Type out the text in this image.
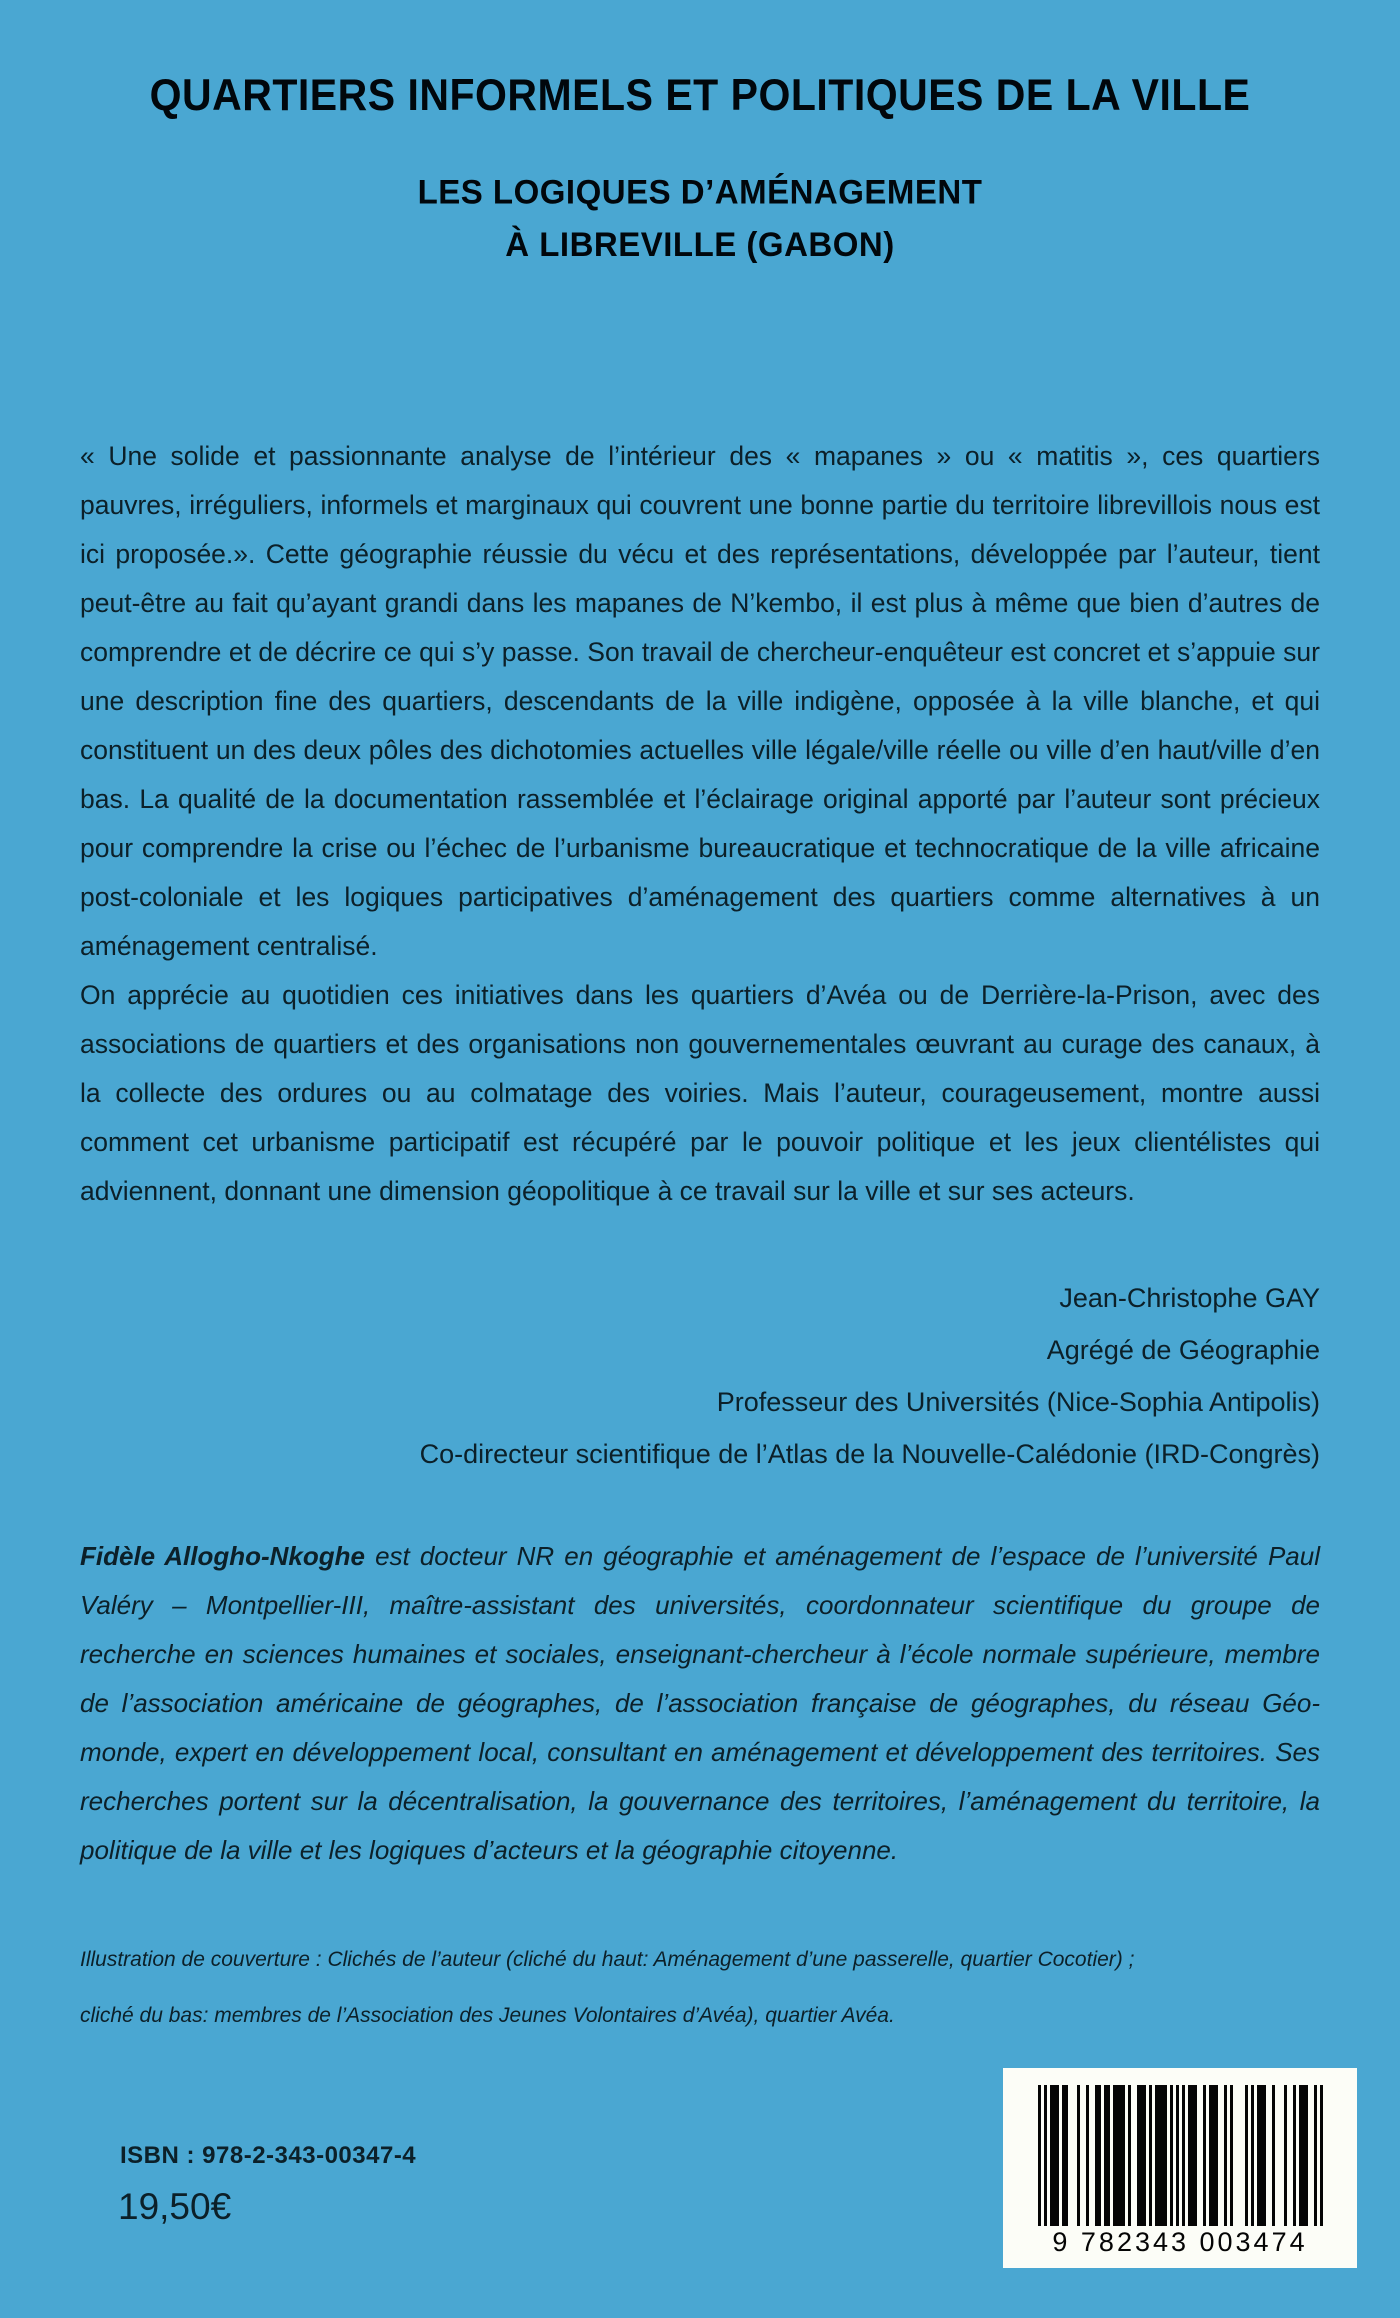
QUARTIERS INFORMELS ET POLITIQUES DE LA VILLE
LES LOGIQUES D’AMÉNAGEMENT
À LIBREVILLE (GABON)

« Une solide et passionnante analyse de l’intérieur des « mapanes » ou « matitis », ces quartiers pauvres, irréguliers, informels et marginaux qui couvrent une bonne partie du territoire librevillois nous est ici proposée.». Cette géographie réussie du vécu et des représentations, développée par l’auteur, tient peut-être au fait qu’ayant grandi dans les mapanes de N’kembo, il est plus à même que bien d’autres de comprendre et de décrire ce qui s’y passe. Son travail de chercheur-enquêteur est concret et s’appuie sur une description fine des quartiers, descendants de la ville indigène, opposée à la ville blanche, et qui constituent un des deux pôles des dichotomies actuelles ville légale/ville réelle ou ville d’en haut/ville d’en bas. La qualité de la documentation rassemblée et l’éclairage original apporté par l’auteur sont précieux pour comprendre la crise ou l’échec de l’urbanisme bureaucratique et technocratique de la ville africaine post-coloniale et les logiques participatives d’aménagement des quartiers comme alternatives à un aménagement centralisé.

On apprécie au quotidien ces initiatives dans les quartiers d’Avéa ou de Derrière-la-Prison, avec des associations de quartiers et des organisations non gouvernementales œuvrant au curage des canaux, à la collecte des ordures ou au colmatage des voiries. Mais l’auteur, courageusement, montre aussi comment cet urbanisme participatif est récupéré par le pouvoir politique et les jeux clientélistes qui adviennent, donnant une dimension géopolitique à ce travail sur la ville et sur ses acteurs.

Jean-Christophe GAY
Agrégé de Géographie
Professeur des Universités (Nice-Sophia Antipolis)
Co-directeur scientifique de l’Atlas de la Nouvelle-Calédonie (IRD-Congrès)
Fidèle Allogho-Nkoghe est docteur NR en géographie et aménagement de l’espace de l’université Paul Valéry – Montpellier-III, maître-assistant des universités, coordonnateur scientifique du groupe de recherche en sciences humaines et sociales, enseignant-chercheur à l’école normale supérieure, membre de l’association américaine de géographes, de l’association française de géographes, du réseau Géo-monde, expert en développement local, consultant en aménagement et développement des territoires. Ses recherches portent sur la décentralisation, la gouvernance des territoires, l’aménagement du territoire, la politique de la ville et les logiques d’acteurs et la géographie citoyenne.
Illustration de couverture : Clichés de l’auteur (cliché du haut: Aménagement d’une passerelle, quartier Cocotier) ;
cliché du bas: membres de l’Association des Jeunes Volontaires d’Avéa), quartier Avéa.
ISBN : 978-2-343-00347-4
19,50€
9 782343 003474
